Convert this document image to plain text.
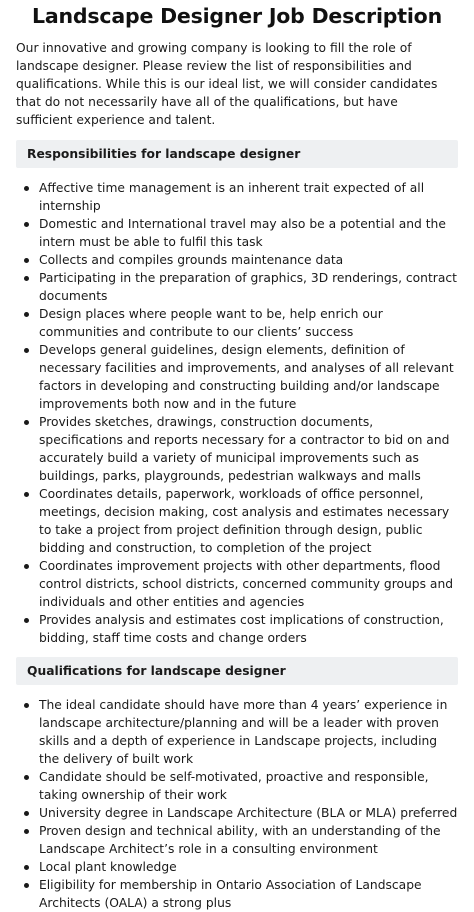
Landscape Designer Job Description

Our innovative and growing company is looking to fill the role of landscape designer. Please review the list of responsibilities and qualifications. While this is our ideal list, we will consider candidates that do not necessarily have all of the qualifications, but have sufficient experience and talent.

Responsibilities for landscape designer
Affective time management is an inherent trait expected of all internship
Domestic and International travel may also be a potential and the intern must be able to fulfil this task
Collects and compiles grounds maintenance data
Participating in the preparation of graphics, 3D renderings, contract documents
Design places where people want to be, help enrich our communities and contribute to our clients’ success
Develops general guidelines, design elements, definition of necessary facilities and improvements, and analyses of all relevant factors in developing and constructing building and/or landscape improvements both now and in the future
Provides sketches, drawings, construction documents, specifications and reports necessary for a contractor to bid on and accurately build a variety of municipal improvements such as buildings, parks, playgrounds, pedestrian walkways and malls
Coordinates details, paperwork, workloads of office personnel, meetings, decision making, cost analysis and estimates necessary to take a project from project definition through design, public bidding and construction, to completion of the project
Coordinates improvement projects with other departments, flood control districts, school districts, concerned community groups and individuals and other entities and agencies
Provides analysis and estimates cost implications of construction, bidding, staff time costs and change orders
Qualifications for landscape designer
The ideal candidate should have more than 4 years’ experience in landscape architecture/planning and will be a leader with proven skills and a depth of experience in Landscape projects, including the delivery of built work
Candidate should be self-motivated, proactive and responsible, taking ownership of their work
University degree in Landscape Architecture (BLA or MLA) preferred
Proven design and technical ability, with an understanding of the Landscape Architect’s role in a consulting environment
Local plant knowledge
Eligibility for membership in Ontario Association of Landscape Architects (OALA) a strong plus
